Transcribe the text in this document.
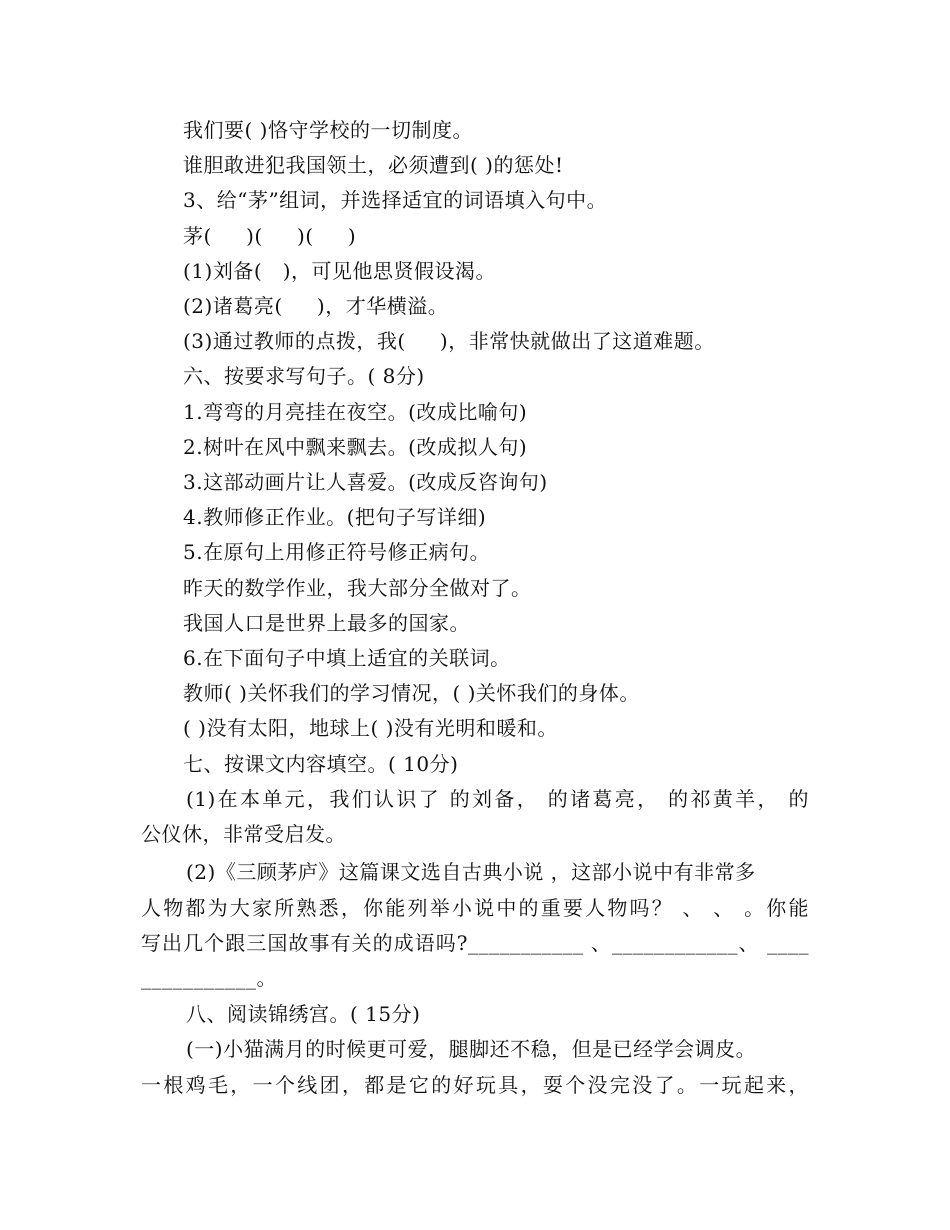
我们要( )恪守学校的一切制度。
谁胆敢进犯我国领土，必须遭到( )的惩处!
3、给“茅”组词，并选择适宜的词语填入句中。
茅(     )(     )(     )
(1)刘备(   )，可见他思贤假设渴。
(2)诸葛亮(     )，才华横溢。
(3)通过教师的点拨，我(     )，非常快就做出了这道难题。
六、按要求写句子。( 8分)
1.弯弯的月亮挂在夜空。(改成比喻句)
2.树叶在风中飘来飘去。(改成拟人句)
3.这部动画片让人喜爱。(改成反咨询句)
4.教师修正作业。(把句子写详细)
5.在原句上用修正符号修正病句。
昨天的数学作业，我大部分全做对了。
我国人口是世界上最多的国家。
6.在下面句子中填上适宜的关联词。
教师( )关怀我们的学习情况，( )关怀我们的身体。
( )没有太阳，地球上( )没有光明和暖和。
七、按课文内容填空。( 10分)
(1)在本单元，我们认识了 的刘备， 的诸葛亮， 的祁黄羊， 的
公仪休，非常受启发。
(2)《三顾茅庐》这篇课文选自古典小说 ，这部小说中有非常多
人物都为大家所熟悉，你能列举小说中的重要人物吗？ 、 、 。你能
写出几个跟三国故事有关的成语吗?___________ 、____________、 ____
___________。
八、阅读锦绣宫。( 15分)
(一)小猫满月的时候更可爱，腿脚还不稳，但是已经学会调皮。
一根鸡毛，一个线团，都是它的好玩具，耍个没完没了。一玩起来，
